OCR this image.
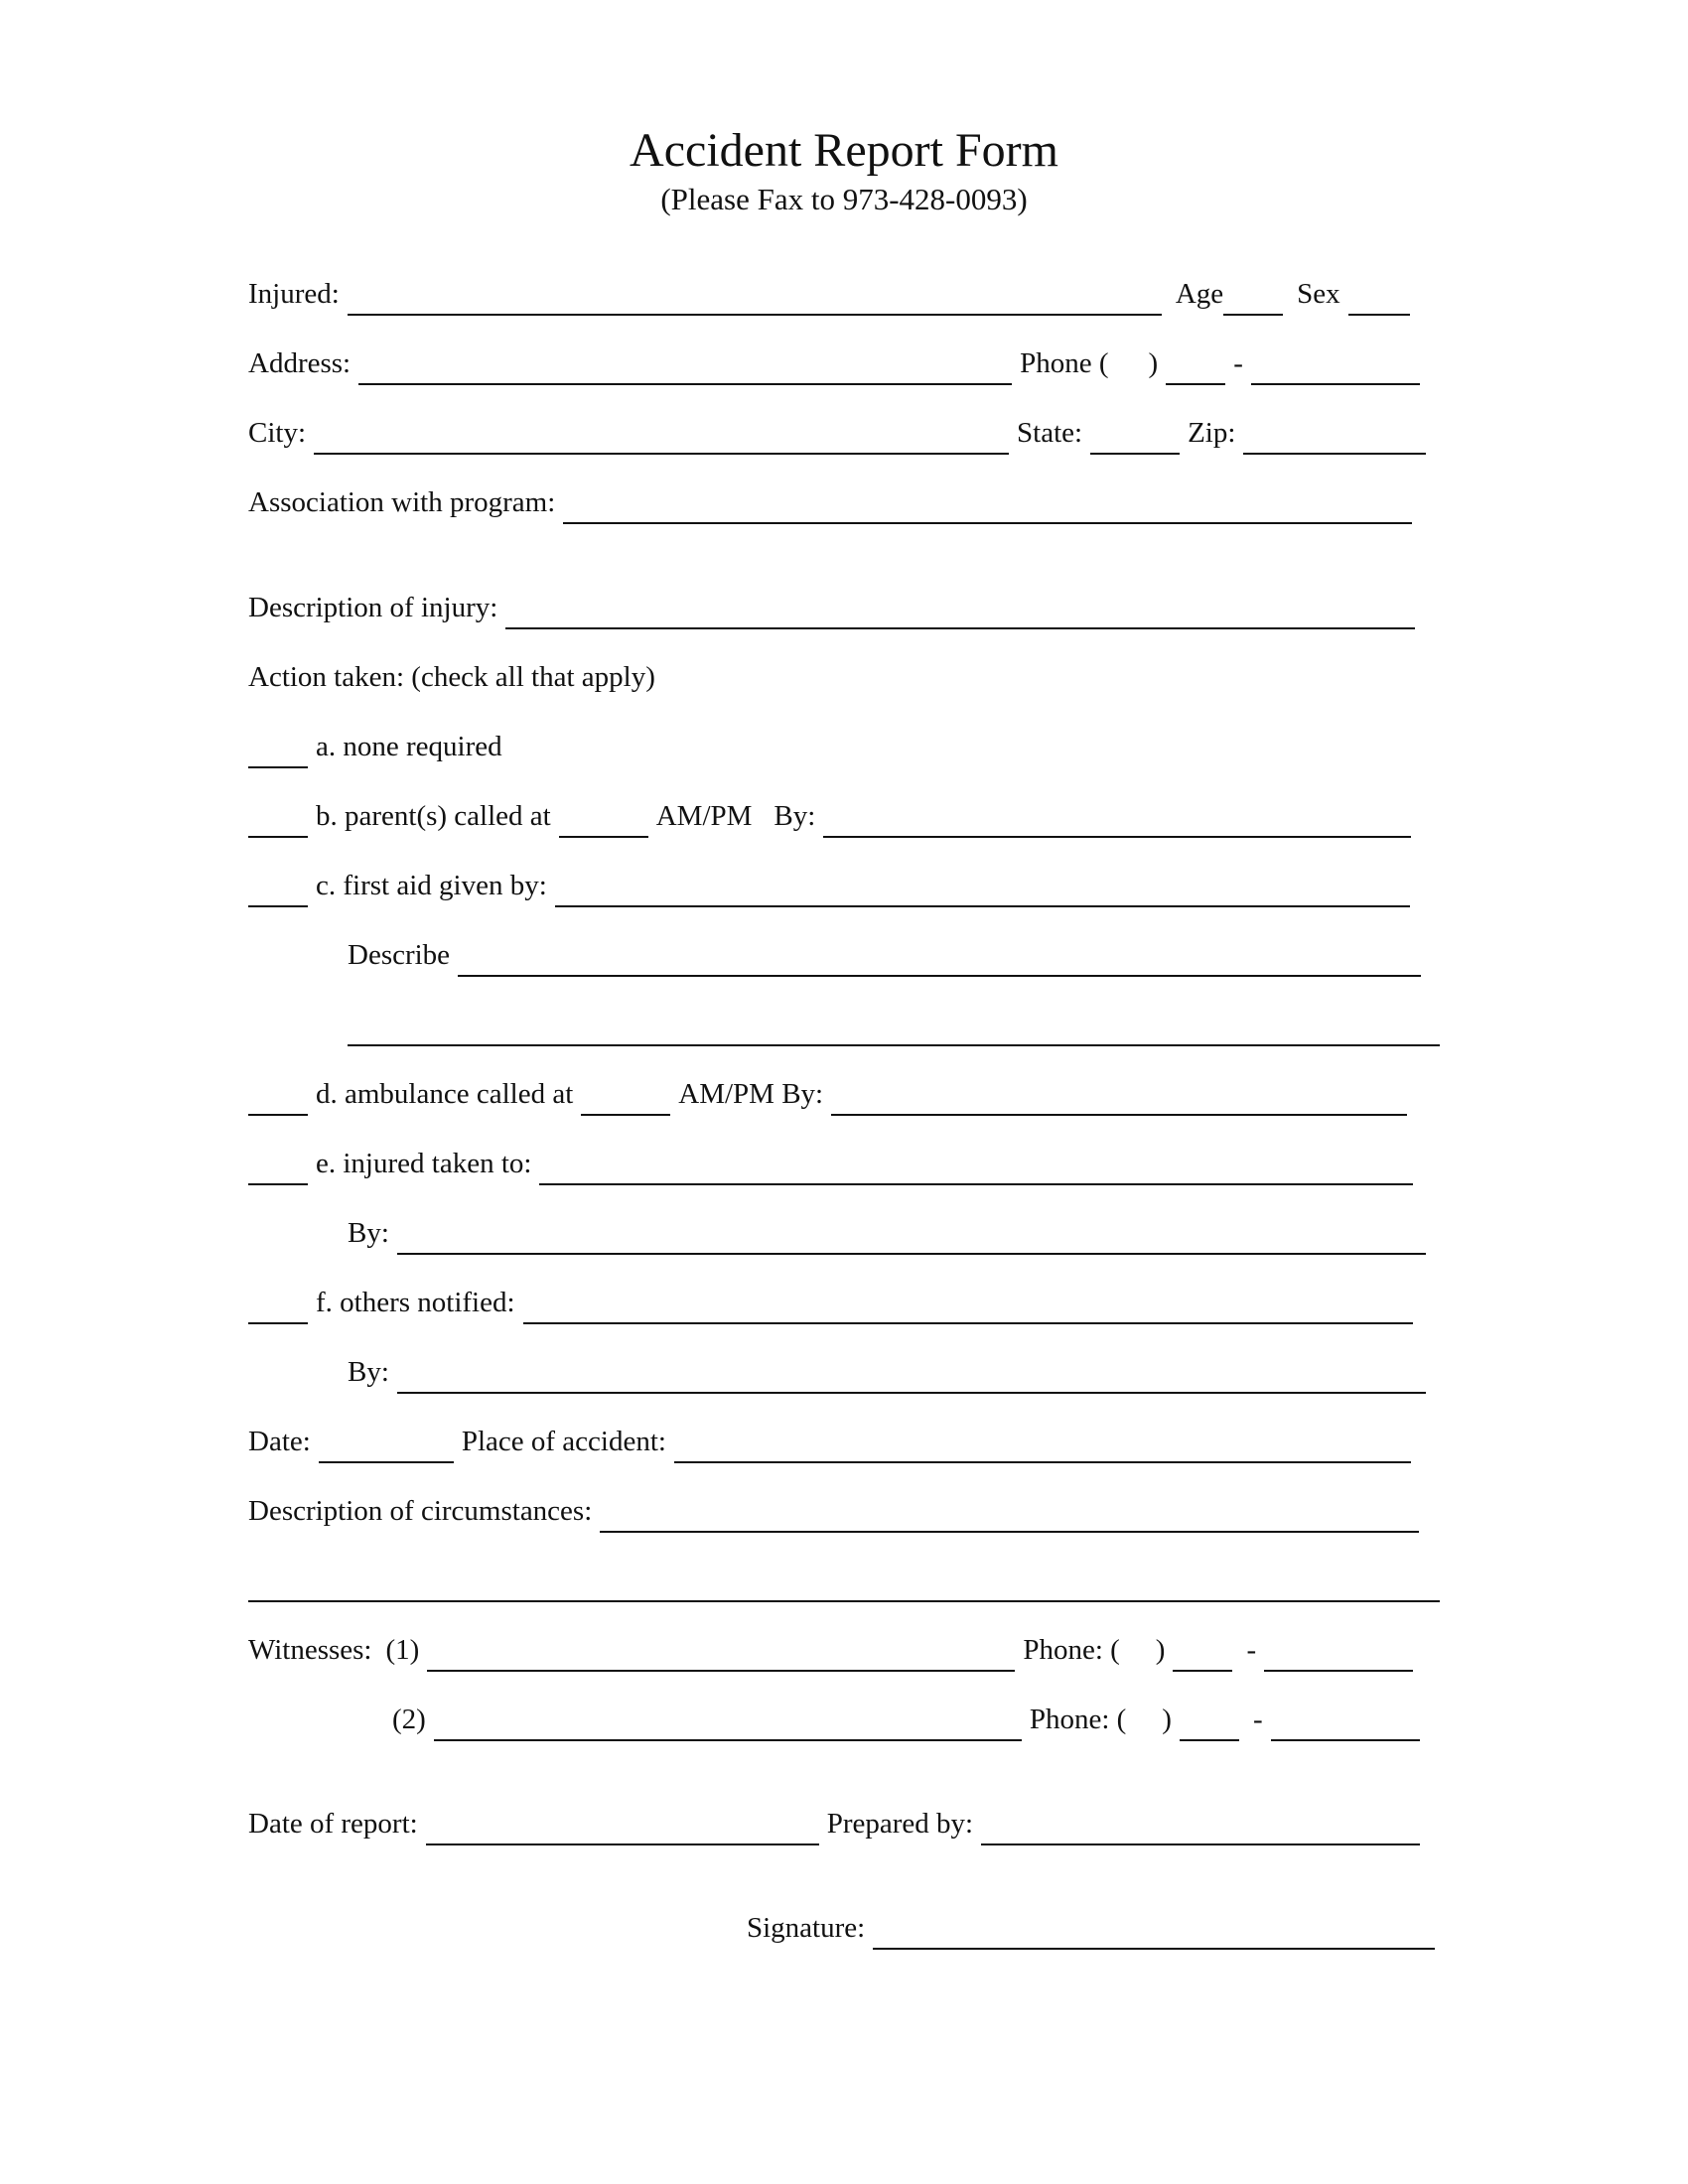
Accident Report Form
(Please Fax to 973-428-0093)
Injured:	Age	Sex
Address:	Phone ( )	-
City:	State:	Zip:
Association with program:
Description of injury:
Action taken: (check all that apply)
a. none required
b. parent(s) called at	AM/PM By:
c. first aid given by:
Describe
d. ambulance called at	AM/PM By:
e. injured taken to:
By:
f. others notified:
By:
Date:	Place of accident:
Description of circumstances:
Witnesses: (1)	Phone: ( )	-
(2)	Phone: ( )	-
Date of report:	Prepared by:
Signature:
